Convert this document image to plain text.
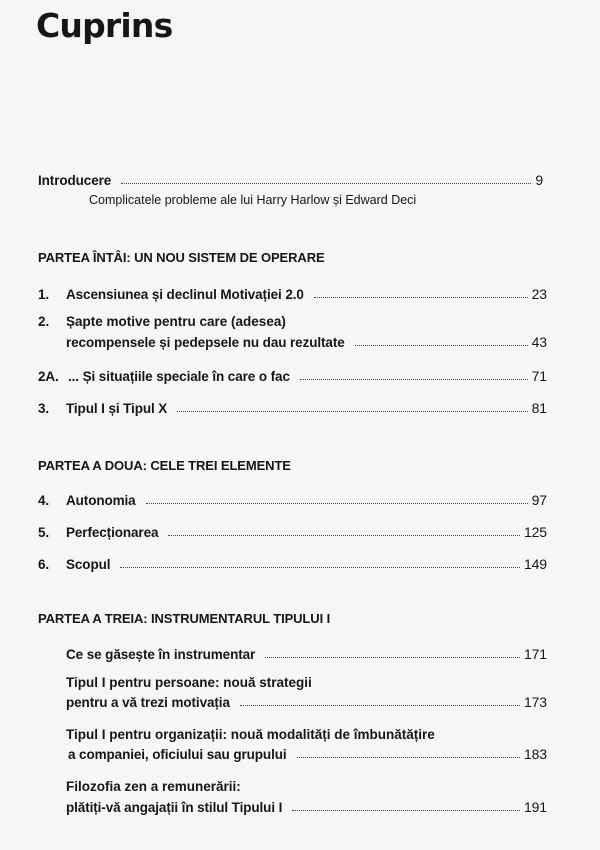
Cuprins
Introducere	9
Complicatele probleme ale lui Harry Harlow și Edward Deci
PARTEA ÎNTÂI: UN NOU SISTEM DE OPERARE
1.	Ascensiunea și declinul Motivației 2.0	23
2. Șapte motive pentru care (adesea)
recompensele și pedepsele nu dau rezultate	43
2A. ... Și situațiile speciale în care o fac	71
3.	Tipul I și Tipul X	81
PARTEA A DOUA: CELE TREI ELEMENTE
4.	Autonomia	97
5.	Perfecționarea	125
6.	Scopul	149
PARTEA A TREIA: INSTRUMENTARUL TIPULUI I
Ce se găsește în instrumentar	171
Tipul I pentru persoane: nouă strategii
pentru a vă trezi motivația	173
Tipul I pentru organizații: nouă modalități de îmbunătățire
a companiei, oficiului sau grupului	183
Filozofia zen a remunerării:
plătiți-vă angajații în stilul Tipului I	191
